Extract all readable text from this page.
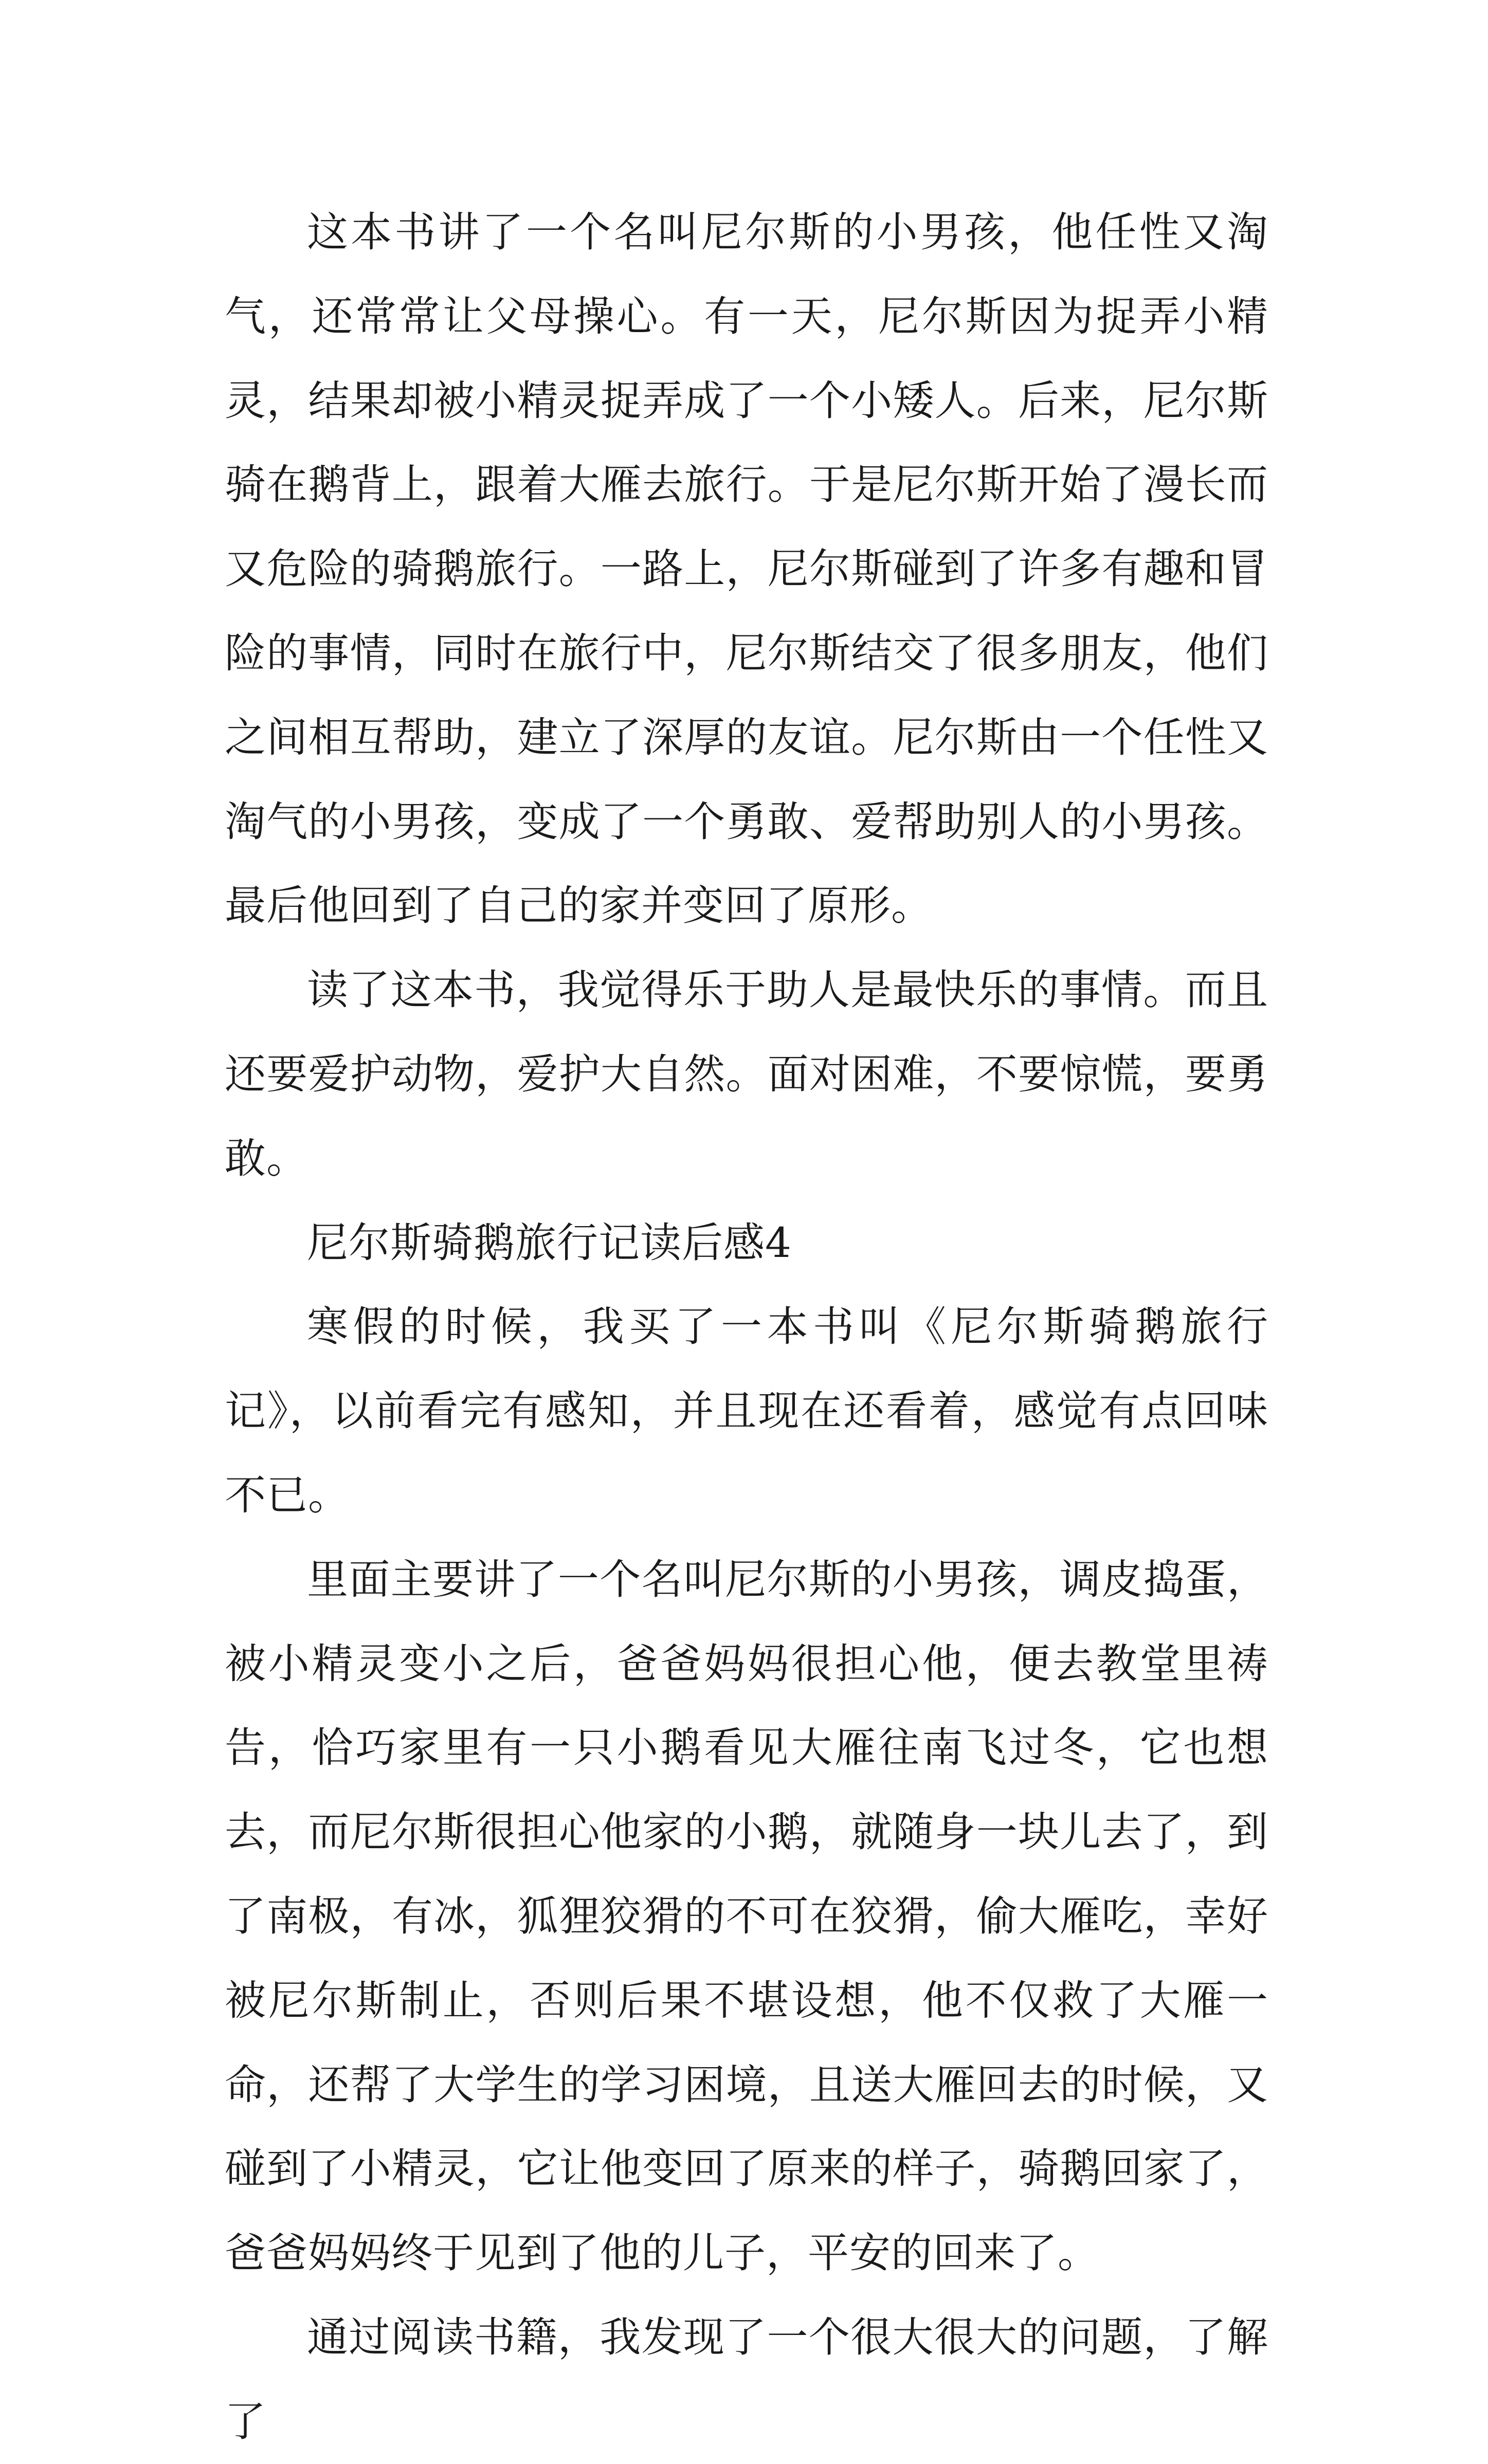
这本书讲了一个名叫尼尔斯的小男孩，他任性又淘气，还常常让父母操心。有一天，尼尔斯因为捉弄小精灵，结果却被小精灵捉弄成了一个小矮人。后来，尼尔斯骑在鹅背上，跟着大雁去旅行。于是尼尔斯开始了漫长而又危险的骑鹅旅行。一路上，尼尔斯碰到了许多有趣和冒险的事情，同时在旅行中，尼尔斯结交了很多朋友，他们之间相互帮助，建立了深厚的友谊。尼尔斯由一个任性又淘气的小男孩，变成了一个勇敢、爱帮助别人的小男孩。最后他回到了自己的家并变回了原形。

读了这本书，我觉得乐于助人是最快乐的事情。而且还要爱护动物，爱护大自然。面对困难，不要惊慌，要勇敢。

尼尔斯骑鹅旅行记读后感4

寒假的时候，我买了一本书叫《尼尔斯骑鹅旅行记》，以前看完有感知，并且现在还看着，感觉有点回味不已。

里面主要讲了一个名叫尼尔斯的小男孩，调皮捣蛋，被小精灵变小之后，爸爸妈妈很担心他，便去教堂里祷告，恰巧家里有一只小鹅看见大雁往南飞过冬，它也想去，而尼尔斯很担心他家的小鹅，就随身一块儿去了，到了南极，有冰，狐狸狡猾的不可在狡猾，偷大雁吃，幸好被尼尔斯制止，否则后果不堪设想，他不仅救了大雁一命，还帮了大学生的学习困境，且送大雁回去的时候，又碰到了小精灵，它让他变回了原来的样子，骑鹅回家了，爸爸妈妈终于见到了他的儿子，平安的回来了。

通过阅读书籍，我发现了一个很大很大的问题，了解了
